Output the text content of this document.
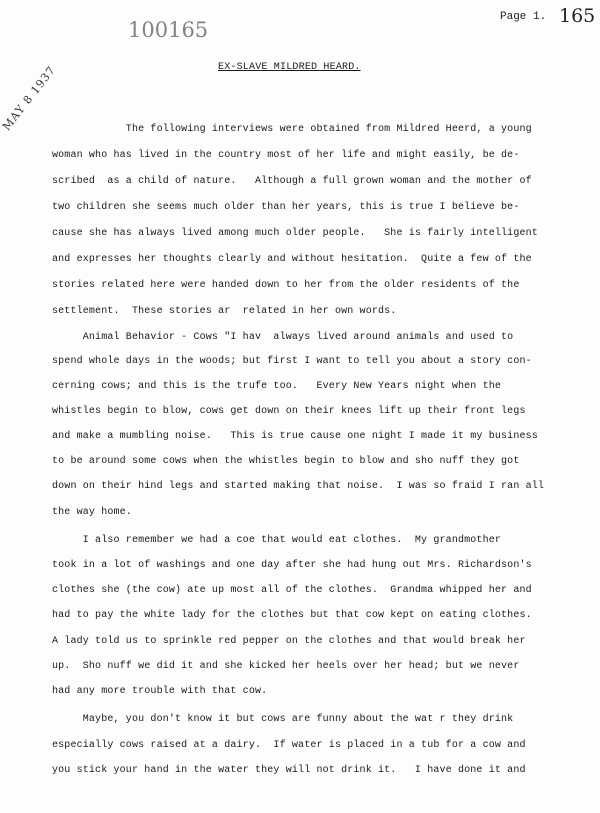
100165
Page 1. 165
MAY 8 1937	EX-SLAVE MILDRED HEARD.
The following interviews were obtained from Mildred Heerd, a young
woman who has lived in the country most of her life and might easily, be de-
scribed  as a child of nature.   Although a full grown woman and the mother of
two children she seems much older than her years, this is true I believe be-
cause she has always lived among much older people.   She is fairly intelligent
and expresses her thoughts clearly and without hesitation.  Quite a few of the
stories related here were handed down to her from the older residents of the
settlement.  These stories ar  related in her own words.
Animal Behavior - Cows "I hav  always lived around animals and used to
spend whole days in the woods; but first I want to tell you about a story con-
cerning cows; and this is the trufe too.   Every New Years night when the
whistles begin to blow, cows get down on their knees lift up their front legs
and make a mumbling noise.   This is true cause one night I made it my business
to be around some cows when the whistles begin to blow and sho nuff they got
down on their hind legs and started making that noise.  I was so fraid I ran all
the way home.
I also remember we had a coe that would eat clothes.  My grandmother
took in a lot of washings and one day after she had hung out Mrs. Richardson's
clothes she (the cow) ate up most all of the clothes.  Grandma whipped her and
had to pay the white lady for the clothes but that cow kept on eating clothes.
A lady told us to sprinkle red pepper on the clothes and that would break her
up.  Sho nuff we did it and she kicked her heels over her head; but we never
had any more trouble with that cow.
Maybe, you don't know it but cows are funny about the wat r they drink
especially cows raised at a dairy.  If water is placed in a tub for a cow and
you stick your hand in the water they will not drink it.   I have done it and
